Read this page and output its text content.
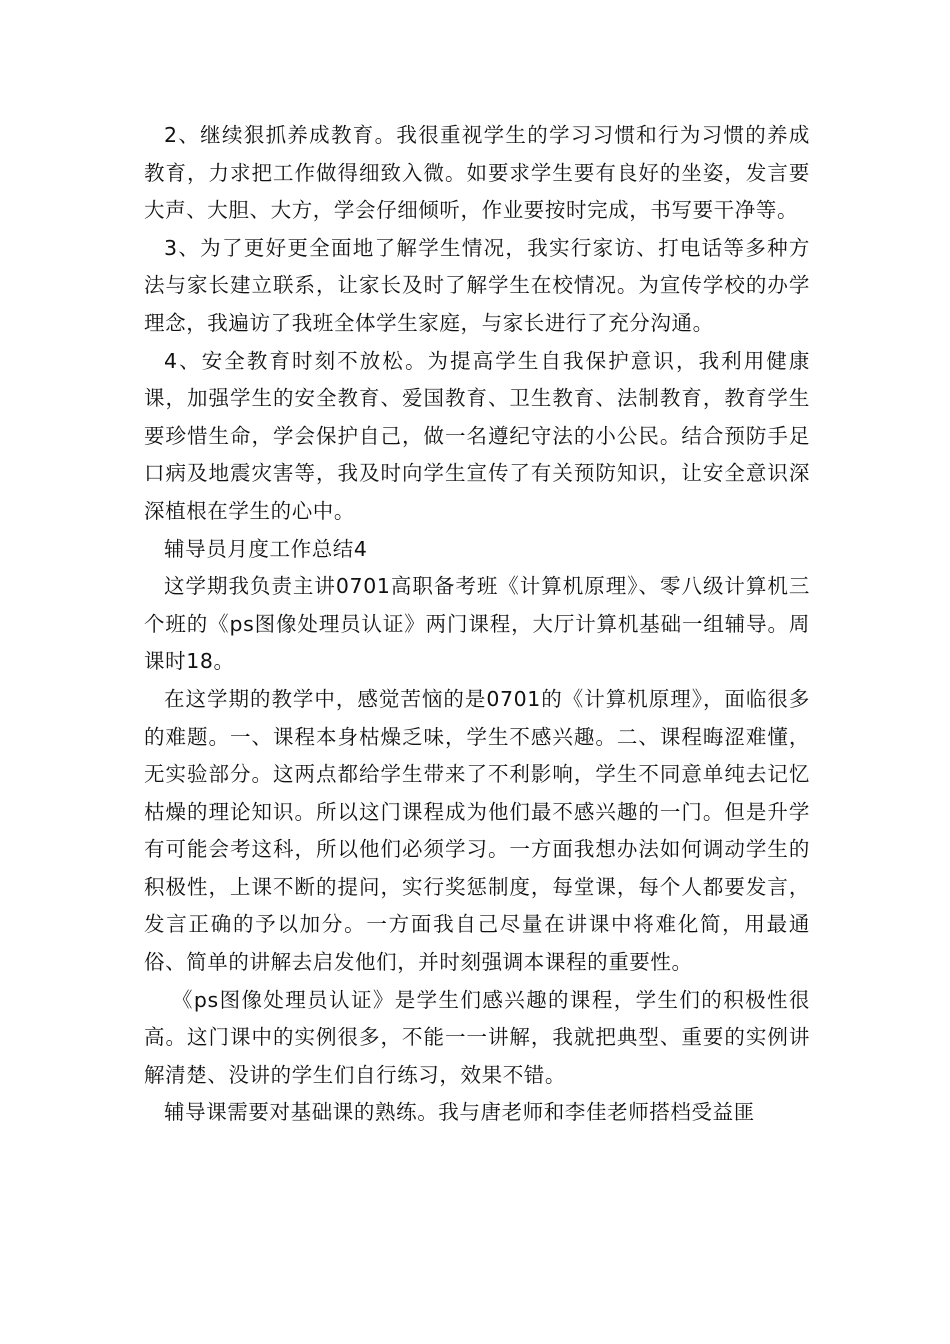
2、继续狠抓养成教育。我很重视学生的学习习惯和行为习惯的养成教育，力求把工作做得细致入微。如要求学生要有良好的坐姿，发言要大声、大胆、大方，学会仔细倾听，作业要按时完成，书写要干净等。

3、为了更好更全面地了解学生情况，我实行家访、打电话等多种方法与家长建立联系，让家长及时了解学生在校情况。为宣传学校的办学理念，我遍访了我班全体学生家庭，与家长进行了充分沟通。

4、安全教育时刻不放松。为提高学生自我保护意识，我利用健康课，加强学生的安全教育、爱国教育、卫生教育、法制教育，教育学生要珍惜生命，学会保护自己，做一名遵纪守法的小公民。结合预防手足口病及地震灾害等，我及时向学生宣传了有关预防知识，让安全意识深深植根在学生的心中。

辅导员月度工作总结4

这学期我负责主讲0701高职备考班《计算机原理》、零八级计算机三个班的《ps图像处理员认证》两门课程，大厅计算机基础一组辅导。周课时18。

在这学期的教学中，感觉苦恼的是0701的《计算机原理》，面临很多的难题。一、课程本身枯燥乏味，学生不感兴趣。二、课程晦涩难懂，无实验部分。这两点都给学生带来了不利影响，学生不同意单纯去记忆枯燥的理论知识。所以这门课程成为他们最不感兴趣的一门。但是升学有可能会考这科，所以他们必须学习。一方面我想办法如何调动学生的积极性，上课不断的提问，实行奖惩制度，每堂课，每个人都要发言，发言正确的予以加分。一方面我自己尽量在讲课中将难化简，用最通俗、简单的讲解去启发他们，并时刻强调本课程的重要性。

《ps图像处理员认证》是学生们感兴趣的课程，学生们的积极性很高。这门课中的实例很多，不能一一讲解，我就把典型、重要的实例讲解清楚、没讲的学生们自行练习，效果不错。

辅导课需要对基础课的熟练。我与唐老师和李佳老师搭档受益匪
